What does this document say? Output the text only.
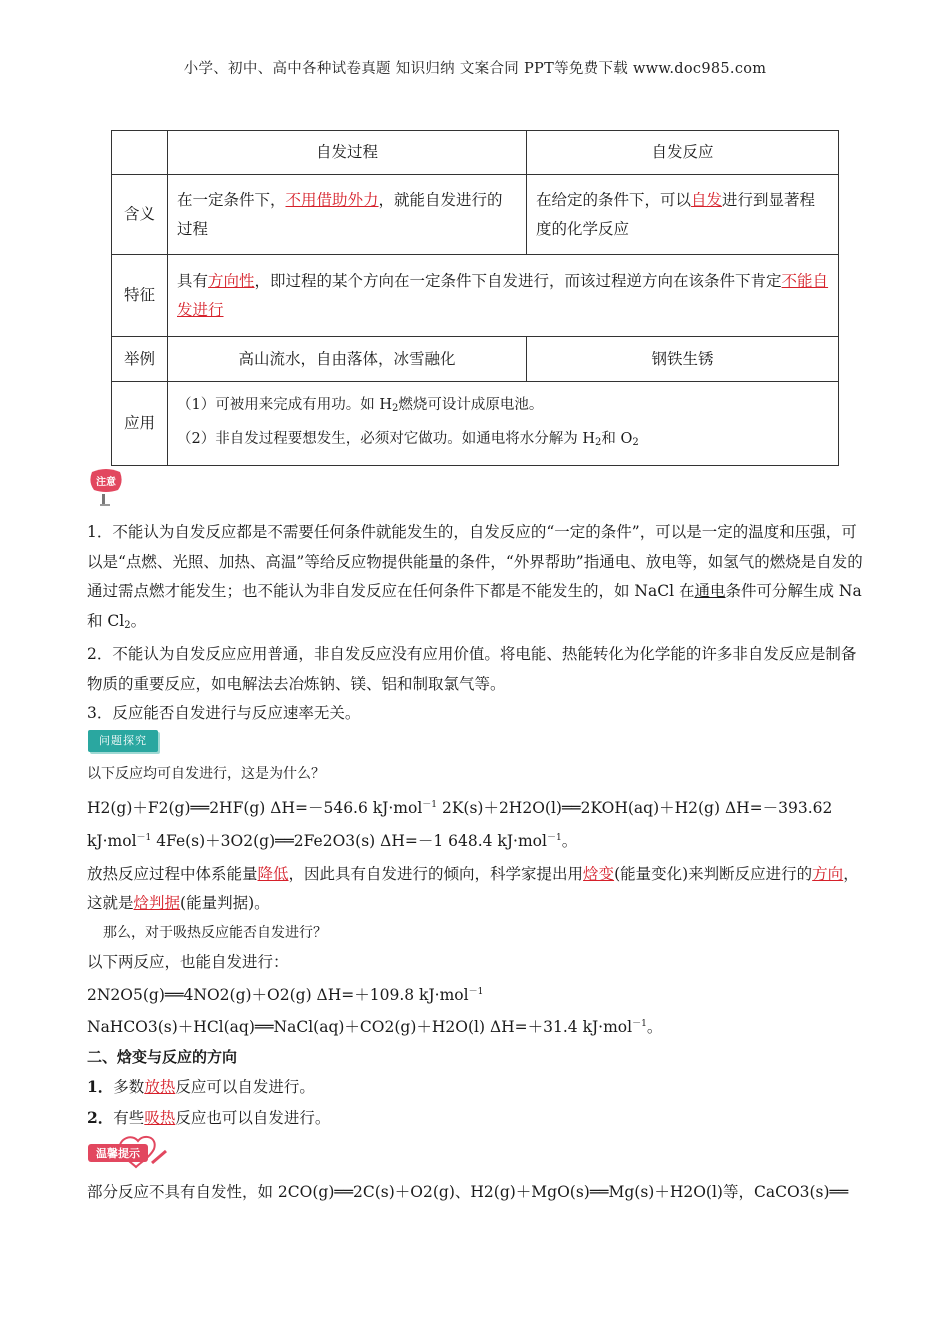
小学、初中、高中各种试卷真题 知识归纳 文案合同 PPT等免费下载 www.doc985.com
	自发过程	自发反应
含义	在一定条件下，不用借助外力，就能自发进行的过程	在给定的条件下，可以自发进行到显著程度的化学反应
特征	具有方向性，即过程的某个方向在一定条件下自发进行，而该过程逆方向在该条件下肯定不能自发进行	
举例	高山流水，自由落体，冰雪融化	钢铁生锈
应用	（1）可被用来完成有用功。如 $H_2$燃烧可设计成原电池。
（2）非自发过程要想发生，必须对它做功。如通电将水分解为 $H_2$和 $O_2$
注意

1．不能认为自发反应都是不需要任何条件就能发生的，自发反应的“一定的条件”，可以是一定的温度和压强，可以是“点燃、光照、加热、高温”等给反应物提供能量的条件，“外界帮助”指通电、放电等，如氢气的燃烧是自发的通过需点燃才能发生；也不能认为非自发反应在任何条件下都是不能发生的，如 NaCl 在通电条件可分解生成 Na 和 $Cl_2$。

2．不能认为自发反应应用普通，非自发反应没有应用价值。将电能、热能转化为化学能的许多非自发反应是制备物质的重要反应，如电解法去冶炼钠、镁、铝和制取氯气等。

3．反应能否自发进行与反应速率无关。

问题探究

以下反应均可自发进行，这是为什么？

H2(g)＋F2(g)══2HF(g) ΔH=－546.6 kJ·mol$^{-1}$ 2K(s)＋2H2O(l)══2KOH(aq)＋H2(g) ΔH=－393.62 kJ·mol$^{-1}$ 4Fe(s)＋3O2(g)══2Fe2O3(s) ΔH=－1 648.4 kJ·mol$^{-1}$。

放热反应过程中体系能量降低，因此具有自发进行的倾向，科学家提出用焓变(能量变化)来判断反应进行的方向，这就是焓判据(能量判据)。

那么，对于吸热反应能否自发进行？

以下两反应，也能自发进行：

2N2O5(g)══4NO2(g)＋O2(g) ΔH=＋109.8 kJ·mol$^{-1}$

NaHCO3(s)＋HCl(aq)══NaCl(aq)＋CO2(g)＋H2O(l) ΔH=＋31.4 kJ·mol$^{-1}$。

二、焓变与反应的方向

1．多数放热反应可以自发进行。

2．有些吸热反应也可以自发进行。

温馨提示
部分反应不具有自发性，如 2CO(g)══2C(s)＋O2(g)、H2(g)＋MgO(s)══Mg(s)＋H2O(l)等，CaCO3(s)══
